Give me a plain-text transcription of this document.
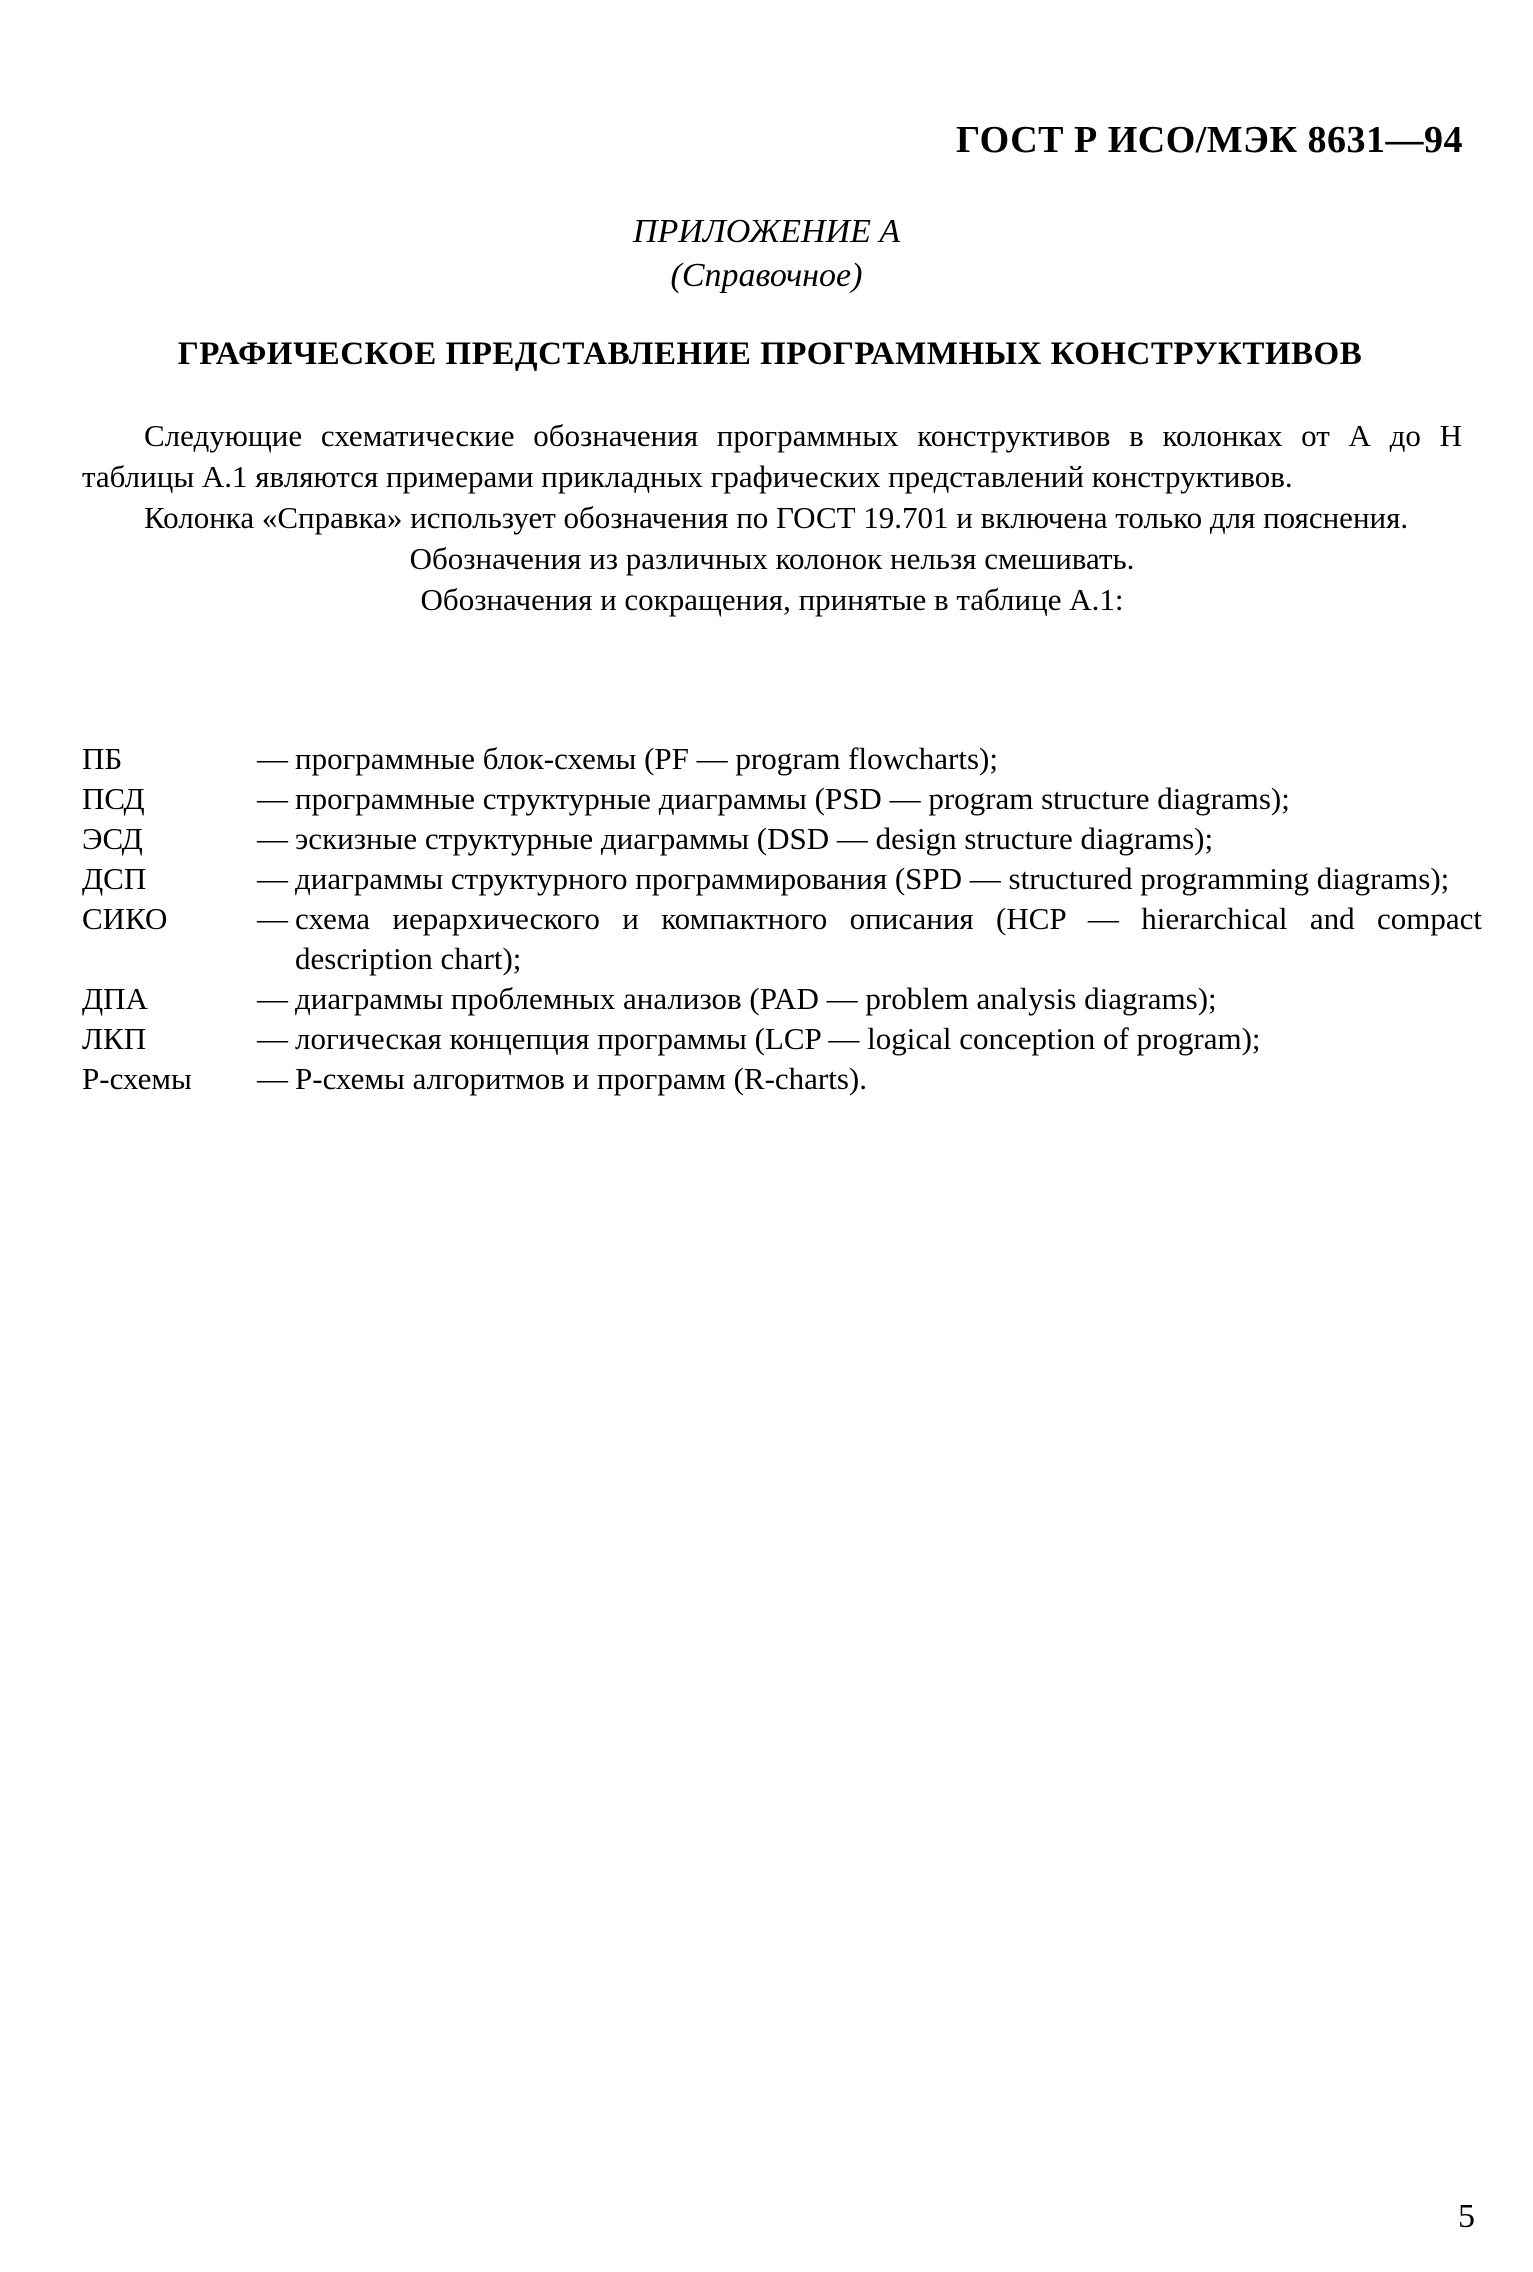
ГОСТ Р ИСО/МЭК 8631—94
ПРИЛОЖЕНИЕ А
(Справочное)
ГРАФИЧЕСКОЕ ПРЕДСТАВЛЕНИЕ ПРОГРАММНЫХ КОНСТРУКТИВОВ

Следующие схематические обозначения программных конструктивов в колонках от А до Н таблицы А.1 являются примерами прикладных графических представлений конструктивов.

Колонка «Справка» использует обозначения по ГОСТ 19.701 и включена только для пояснения.

Обозначения из различных колонок нельзя смешивать.

Обозначения и сокращения, принятые в таблице А.1:

ПБ	— программные блок-схемы (PF — program flowcharts);
ПСД	— программные структурные диаграммы (PSD — program structure diagrams);
ЭСД	— эскизные структурные диаграммы (DSD — design structure diagrams);
ДСП	— диаграммы структурного программирования (SPD — structured programming diagrams);
СИКО	— схема иерархического и компактного описания (HCP — hierarchical and compact description chart);
ДПА	— диаграммы проблемных анализов (PAD — problem analysis diagrams);
ЛКП	— логическая концепция программы (LCP — logical conception of program);
Р-схемы	— Р-схемы алгоритмов и программ (R-charts).
5
